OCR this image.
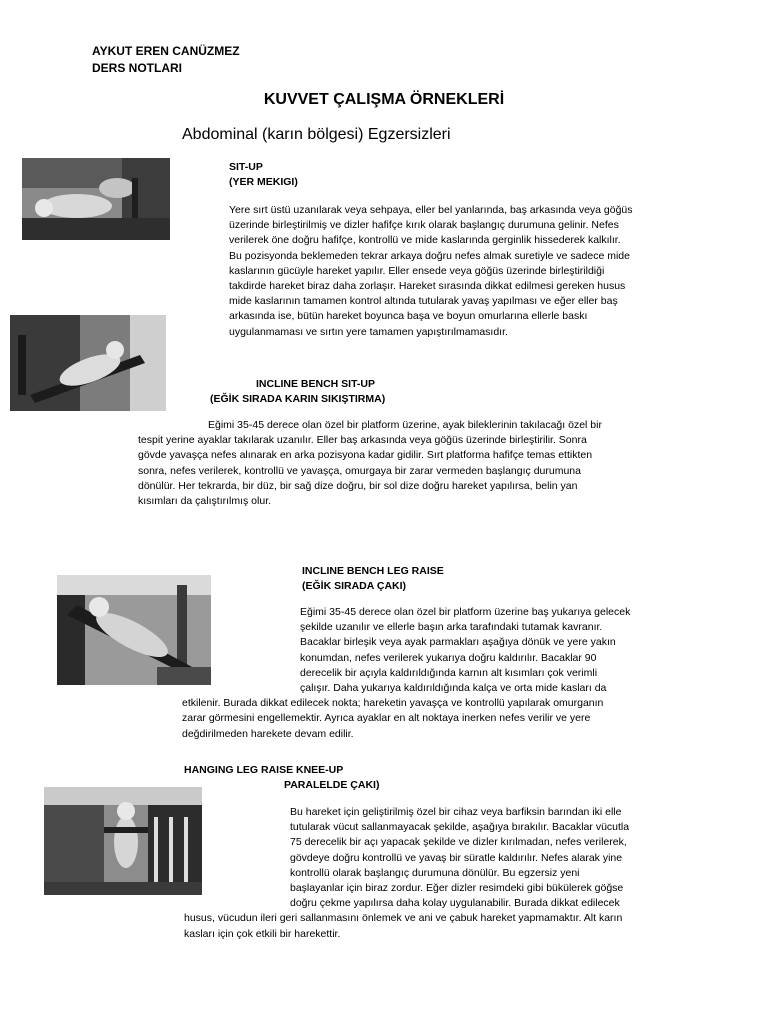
AYKUT EREN CANÜZMEZ
DERS NOTLARI
KUVVET ÇALIŞMA ÖRNEKLERİ
Abdominal (karın bölgesi) Egzersizleri
SIT-UP
(YER MEKIGI)
Yere sırt üstü uzanılarak veya sehpaya, eller bel yanlarında, baş arkasında veya göğüs
üzerinde birleştirilmiş ve dizler hafifçe kırık olarak başlangıç durumuna gelinir. Nefes
verilerek öne doğru hafifçe, kontrollü ve mide kaslarında gerginlik hissederek kalkılır.
Bu pozisyonda beklemeden tekrar arkaya doğru nefes almak suretiyle ve sadece mide
kaslarının gücüyle hareket yapılır. Eller ensede veya göğüs üzerinde birleştirildiği
takdirde hareket biraz daha zorlaşır. Hareket sırasında dikkat edilmesi gereken husus
mide kaslarının tamamen kontrol altında tutularak yavaş yapılması ve eğer eller baş
arkasında ise, bütün hareket boyunca başa ve boyun omurlarına ellerle baskı
uygulanmaması ve sırtın yere tamamen yapıştırılmamasıdır.
INCLINE BENCH SIT-UP
(EĞİK SIRADA KARIN SIKIŞTIRMA)
Eğimi 35-45 derece olan özel bir platform üzerine, ayak bileklerinin takılacağı özel bir
tespit yerine ayaklar takılarak uzanılır. Eller baş arkasında veya göğüs üzerinde birleştirilir. Sonra
gövde yavaşça nefes alınarak en arka pozisyona kadar gidilir. Sırt platforma hafifçe temas ettikten
sonra, nefes verilerek, kontrollü ve yavaşça, omurgaya bir zarar vermeden başlangıç durumuna
dönülür. Her tekrarda, bir düz, bir sağ dize doğru, bir sol dize doğru hareket yapılırsa, belin yan
kısımları da çalıştırılmış olur.
INCLINE BENCH LEG RAISE
(EĞİK SIRADA ÇAKI)
Eğimi 35-45 derece olan özel bir platform üzerine baş yukarıya gelecek
şekilde uzanılır ve ellerle başın arka tarafındaki tutamak kavranır.
Bacaklar birleşik veya ayak parmakları aşağıya dönük ve yere yakın
konumdan, nefes verilerek yukarıya doğru kaldırılır. Bacaklar 90
derecelik bir açıyla kaldırıldığında karnın alt kısımları çok verimli
çalışır. Daha yukarıya kaldırıldığında kalça ve orta mide kasları da
etkilenir. Burada dikkat edilecek nokta; hareketin yavaşça ve kontrollü yapılarak omurganın
zarar görmesini engellemektir. Ayrıca ayaklar en alt noktaya inerken nefes verilir ve yere
değdirilmeden harekete devam edilir.
HANGING LEG RAISE KNEE-UP
PARALELDE ÇAKI)
Bu hareket için geliştirilmiş özel bir cihaz veya barfiksin barından iki elle
tutularak vücut sallanmayacak şekilde, aşağıya bırakılır. Bacaklar vücutla
75 derecelik bir açı yapacak şekilde ve dizler kırılmadan, nefes verilerek,
gövdeye doğru kontrollü ve yavaş bir süratle kaldırılır. Nefes alarak yine
kontrollü olarak başlangıç durumuna dönülür. Bu egzersiz yeni
başlayanlar için biraz zordur. Eğer dizler resimdeki gibi bükülerek göğse
doğru çekme yapılırsa daha kolay uygulanabilir. Burada dikkat edilecek
husus, vücudun ileri geri sallanmasını önlemek ve ani ve çabuk hareket yapmamaktır. Alt karın
kasları için çok etkili bir harekettir.
